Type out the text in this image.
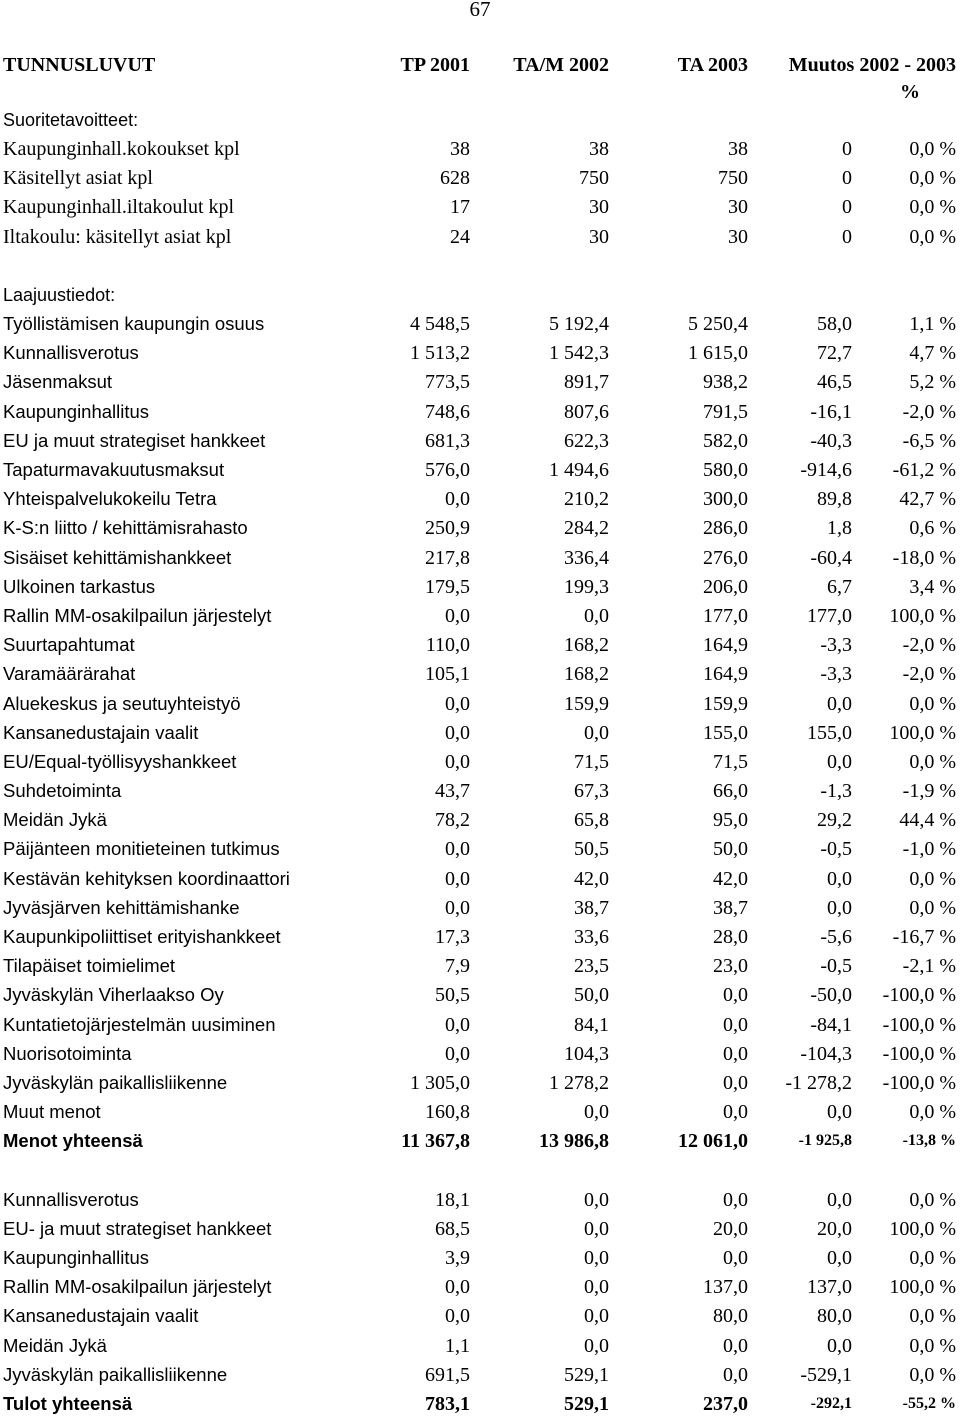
67
TUNNUSLUVUT	TP 2001	TA/M 2002	TA 2003	Muutos 2002 - 2003	
					%
Suoritetavoitteet:					
Kaupunginhall.kokoukset kpl	38	38	38	0	0,0 %
Käsitellyt asiat kpl	628	750	750	0	0,0 %
Kaupunginhall.iltakoulut kpl	17	30	30	0	0,0 %
Iltakoulu: käsitellyt asiat kpl	24	30	30	0	0,0 %

Laajuustiedot:					
Työllistämisen kaupungin osuus	4 548,5	5 192,4	5 250,4	58,0	1,1 %
Kunnallisverotus	1 513,2	1 542,3	1 615,0	72,7	4,7 %
Jäsenmaksut	773,5	891,7	938,2	46,5	5,2 %
Kaupunginhallitus	748,6	807,6	791,5	-16,1	-2,0 %
EU ja muut strategiset hankkeet	681,3	622,3	582,0	-40,3	-6,5 %
Tapaturmavakuutusmaksut	576,0	1 494,6	580,0	-914,6	-61,2 %
Yhteispalvelukokeilu Tetra	0,0	210,2	300,0	89,8	42,7 %
K-S:n liitto / kehittämisrahasto	250,9	284,2	286,0	1,8	0,6 %
Sisäiset kehittämishankkeet	217,8	336,4	276,0	-60,4	-18,0 %
Ulkoinen tarkastus	179,5	199,3	206,0	6,7	3,4 %
Rallin MM-osakilpailun järjestelyt	0,0	0,0	177,0	177,0	100,0 %
Suurtapahtumat	110,0	168,2	164,9	-3,3	-2,0 %
Varamäärärahat	105,1	168,2	164,9	-3,3	-2,0 %
Aluekeskus ja seutuyhteistyö	0,0	159,9	159,9	0,0	0,0 %
Kansanedustajain vaalit	0,0	0,0	155,0	155,0	100,0 %
EU/Equal-työllisyyshankkeet	0,0	71,5	71,5	0,0	0,0 %
Suhdetoiminta	43,7	67,3	66,0	-1,3	-1,9 %
Meidän Jykä	78,2	65,8	95,0	29,2	44,4 %
Päijänteen monitieteinen tutkimus	0,0	50,5	50,0	-0,5	-1,0 %
Kestävän kehityksen koordinaattori	0,0	42,0	42,0	0,0	0,0 %
Jyväsjärven kehittämishanke	0,0	38,7	38,7	0,0	0,0 %
Kaupunkipoliittiset erityishankkeet	17,3	33,6	28,0	-5,6	-16,7 %
Tilapäiset toimielimet	7,9	23,5	23,0	-0,5	-2,1 %
Jyväskylän Viherlaakso Oy	50,5	50,0	0,0	-50,0	-100,0 %
Kuntatietojärjestelmän uusiminen	0,0	84,1	0,0	-84,1	-100,0 %
Nuorisotoiminta	0,0	104,3	0,0	-104,3	-100,0 %
Jyväskylän paikallisliikenne	1 305,0	1 278,2	0,0	-1 278,2	-100,0 %
Muut menot	160,8	0,0	0,0	0,0	0,0 %
Menot yhteensä	11 367,8	13 986,8	12 061,0	-1 925,8	-13,8 %

Kunnallisverotus	18,1	0,0	0,0	0,0	0,0 %
EU- ja muut strategiset hankkeet	68,5	0,0	20,0	20,0	100,0 %
Kaupunginhallitus	3,9	0,0	0,0	0,0	0,0 %
Rallin MM-osakilpailun järjestelyt	0,0	0,0	137,0	137,0	100,0 %
Kansanedustajain vaalit	0,0	0,0	80,0	80,0	0,0 %
Meidän Jykä	1,1	0,0	0,0	0,0	0,0 %
Jyväskylän paikallisliikenne	691,5	529,1	0,0	-529,1	0,0 %
Tulot yhteensä	783,1	529,1	237,0	-292,1	-55,2 %
